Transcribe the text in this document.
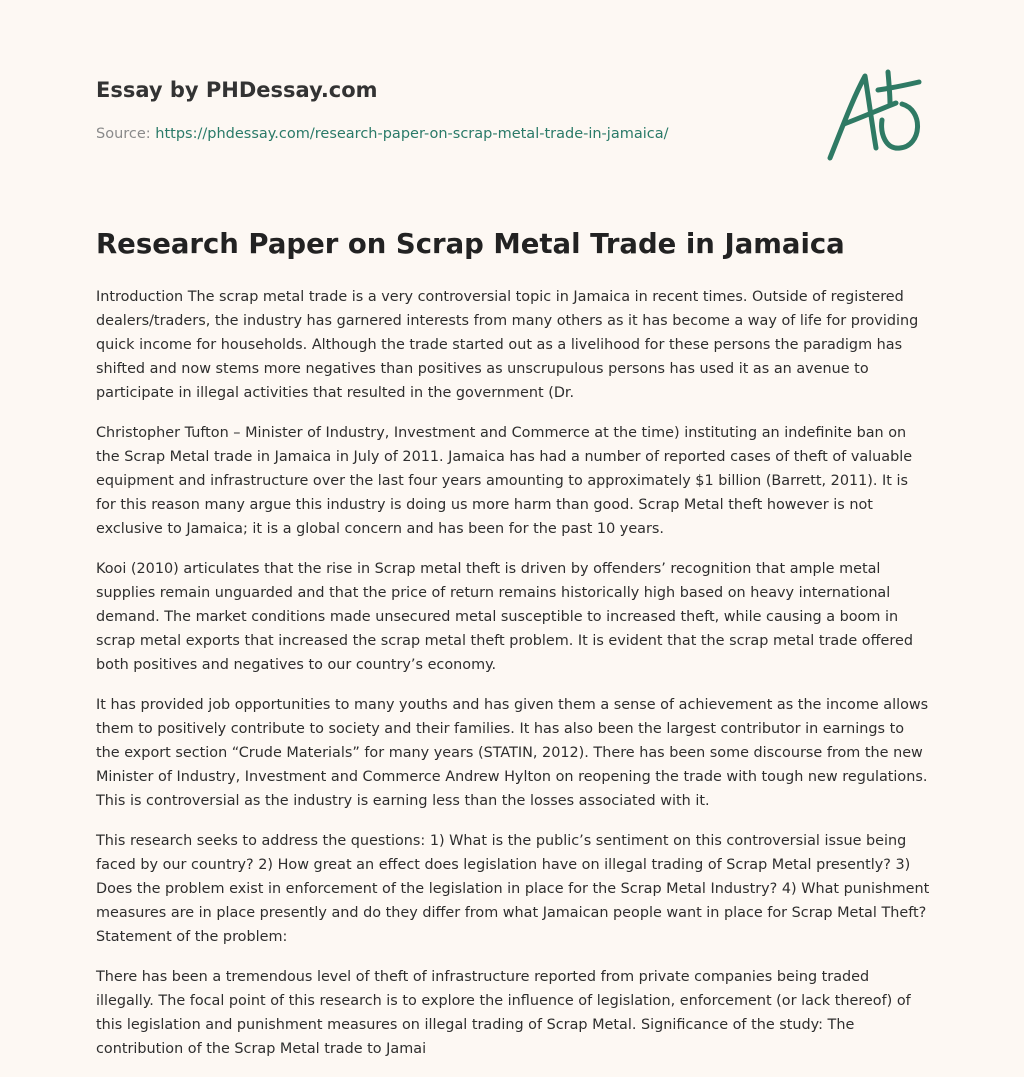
Essay by PHDessay.com
Source: https://phdessay.com/research-paper-on-scrap-metal-trade-in-jamaica/
Research Paper on Scrap Metal Trade in Jamaica

Introduction The scrap metal trade is a very controversial topic in Jamaica in recent times. Outside of registered dealers/traders, the industry has garnered interests from many others as it has become a way of life for providing quick income for households. Although the trade started out as a livelihood for these persons the paradigm has shifted and now stems more negatives than positives as unscrupulous persons has used it as an avenue to participate in illegal activities that resulted in the government (Dr.

Christopher Tufton – Minister of Industry, Investment and Commerce at the time) instituting an indefinite ban on the Scrap Metal trade in Jamaica in July of 2011. Jamaica has had a number of reported cases of theft of valuable equipment and infrastructure over the last four years amounting to approximately $1 billion (Barrett, 2011). It is for this reason many argue this industry is doing us more harm than good. Scrap Metal theft however is not exclusive to Jamaica; it is a global concern and has been for the past 10 years.

Kooi (2010) articulates that the rise in Scrap metal theft is driven by offenders’ recognition that ample metal supplies remain unguarded and that the price of return remains historically high based on heavy international demand. The market conditions made unsecured metal susceptible to increased theft, while causing a boom in scrap metal exports that increased the scrap metal theft problem. It is evident that the scrap metal trade offered both positives and negatives to our country’s economy.

It has provided job opportunities to many youths and has given them a sense of achievement as the income allows them to positively contribute to society and their families. It has also been the largest contributor in earnings to the export section “Crude Materials” for many years (STATIN, 2012). There has been some discourse from the new Minister of Industry, Investment and Commerce Andrew Hylton on reopening the trade with tough new regulations. This is controversial as the industry is earning less than the losses associated with it.

This research seeks to address the questions: 1) What is the public’s sentiment on this controversial issue being faced by our country? 2) How great an effect does legislation have on illegal trading of Scrap Metal presently? 3) Does the problem exist in enforcement of the legislation in place for the Scrap Metal Industry? 4) What punishment measures are in place presently and do they differ from what Jamaican people want in place for Scrap Metal Theft? Statement of the problem:

There has been a tremendous level of theft of infrastructure reported from private companies being traded illegally. The focal point of this research is to explore the influence of legislation, enforcement (or lack thereof) of this legislation and punishment measures on illegal trading of Scrap Metal. Significance of the study: The contribution of the Scrap Metal trade to Jamai
